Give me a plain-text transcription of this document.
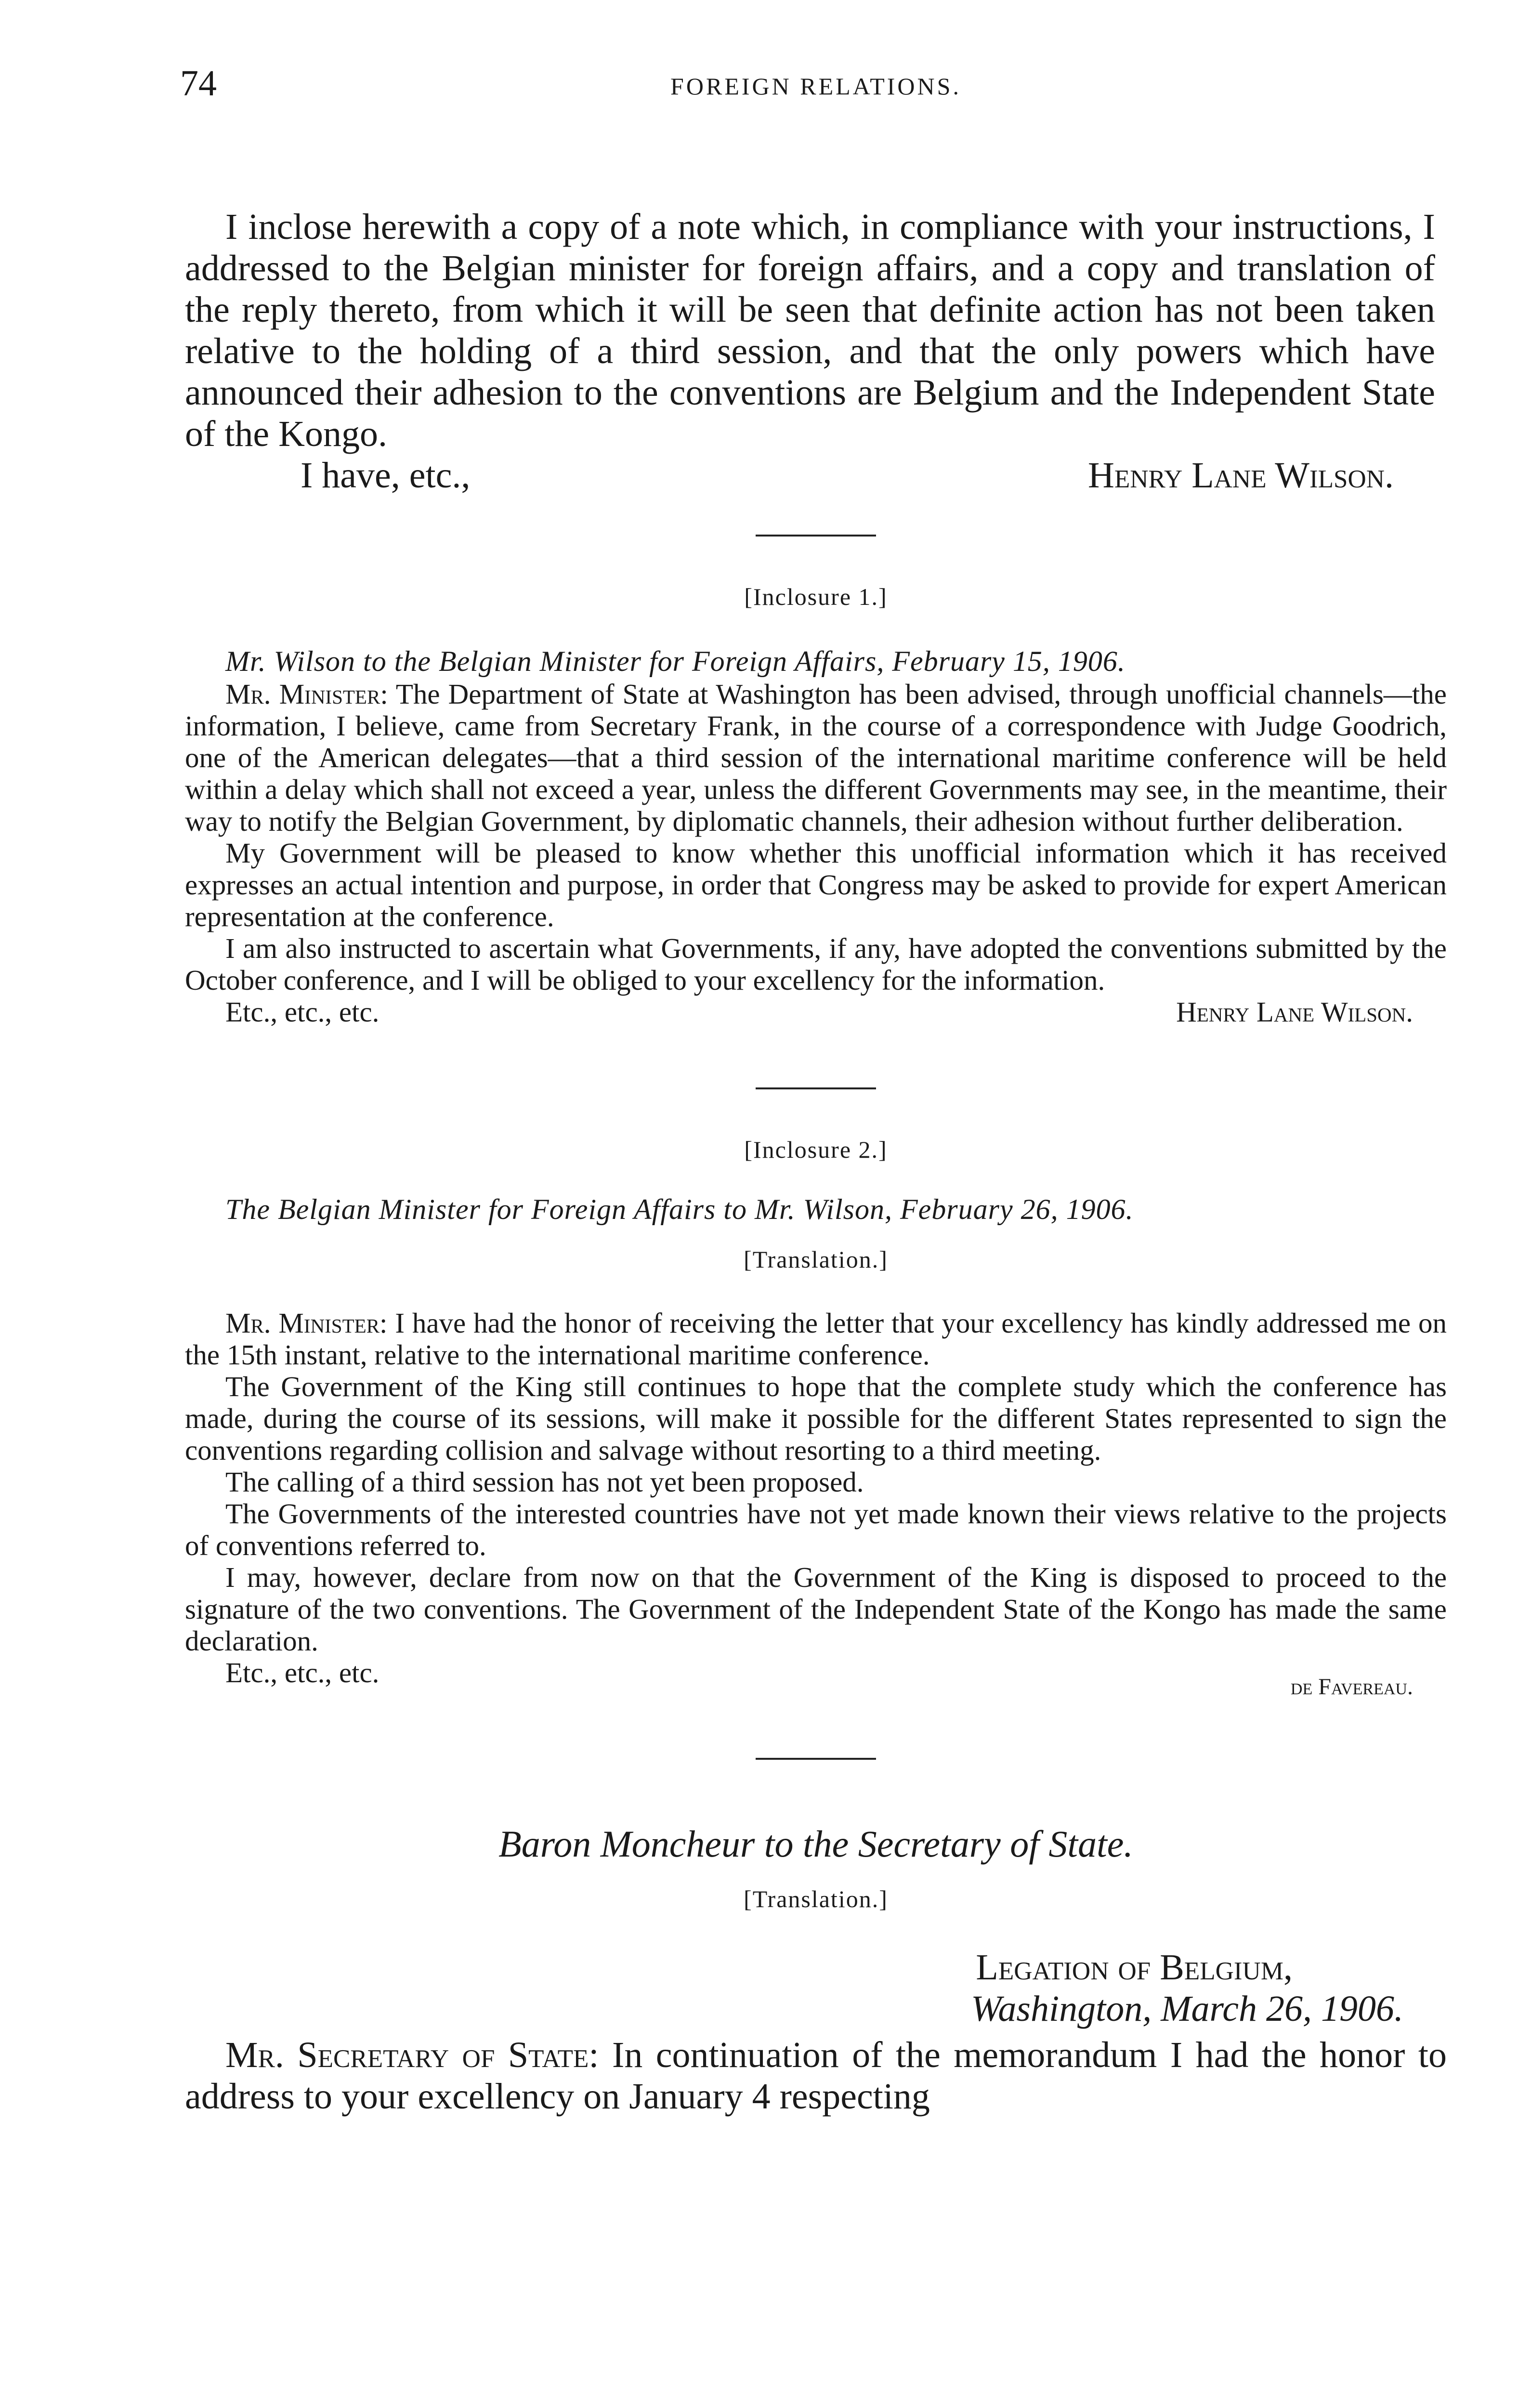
74	FOREIGN RELATIONS.

I inclose herewith a copy of a note which, in compliance with your instructions, I addressed to the Belgian minister for foreign affairs, and a copy and translation of the reply thereto, from which it will be seen that definite action has not been taken relative to the holding of a third session, and that the only powers which have announced their adhesion to the conventions are Belgium and the Independent State of the Kongo.

I have, etc.,	Henry Lane Wilson.
[Inclosure 1.]
Mr. Wilson to the Belgian Minister for Foreign Affairs, February 15, 1906.

Mr. Minister: The Department of State at Washington has been advised, through unofficial channels—the information, I believe, came from Secretary Frank, in the course of a correspondence with Judge Goodrich, one of the American delegates—that a third session of the international maritime conference will be held within a delay which shall not exceed a year, unless the different Governments may see, in the meantime, their way to notify the Belgian Government, by diplomatic channels, their adhesion without further deliberation.

My Government will be pleased to know whether this unofficial information which it has received expresses an actual intention and purpose, in order that Congress may be asked to provide for expert American representation at the conference.

I am also instructed to ascertain what Governments, if any, have adopted the conventions submitted by the October conference, and I will be obliged to your excellency for the information.

Etc., etc., etc.	Henry Lane Wilson.
[Inclosure 2.]
The Belgian Minister for Foreign Affairs to Mr. Wilson, February 26, 1906.
[Translation.]

Mr. Minister: I have had the honor of receiving the letter that your excellency has kindly addressed me on the 15th instant, relative to the international maritime conference.

The Government of the King still continues to hope that the complete study which the conference has made, during the course of its sessions, will make it possible for the different States represented to sign the conventions regarding collision and salvage without resorting to a third meeting.

The calling of a third session has not yet been proposed.

The Governments of the interested countries have not yet made known their views relative to the projects of conventions referred to.

I may, however, declare from now on that the Government of the King is disposed to proceed to the signature of the two conventions. The Government of the Independent State of the Kongo has made the same declaration.

Etc., etc., etc.	de Favereau.
Baron Moncheur to the Secretary of State.
[Translation.]
Legation of Belgium,
Washington, March 26, 1906.

Mr. Secretary of State: In continuation of the memorandum I had the honor to address to your excellency on January 4 respecting
